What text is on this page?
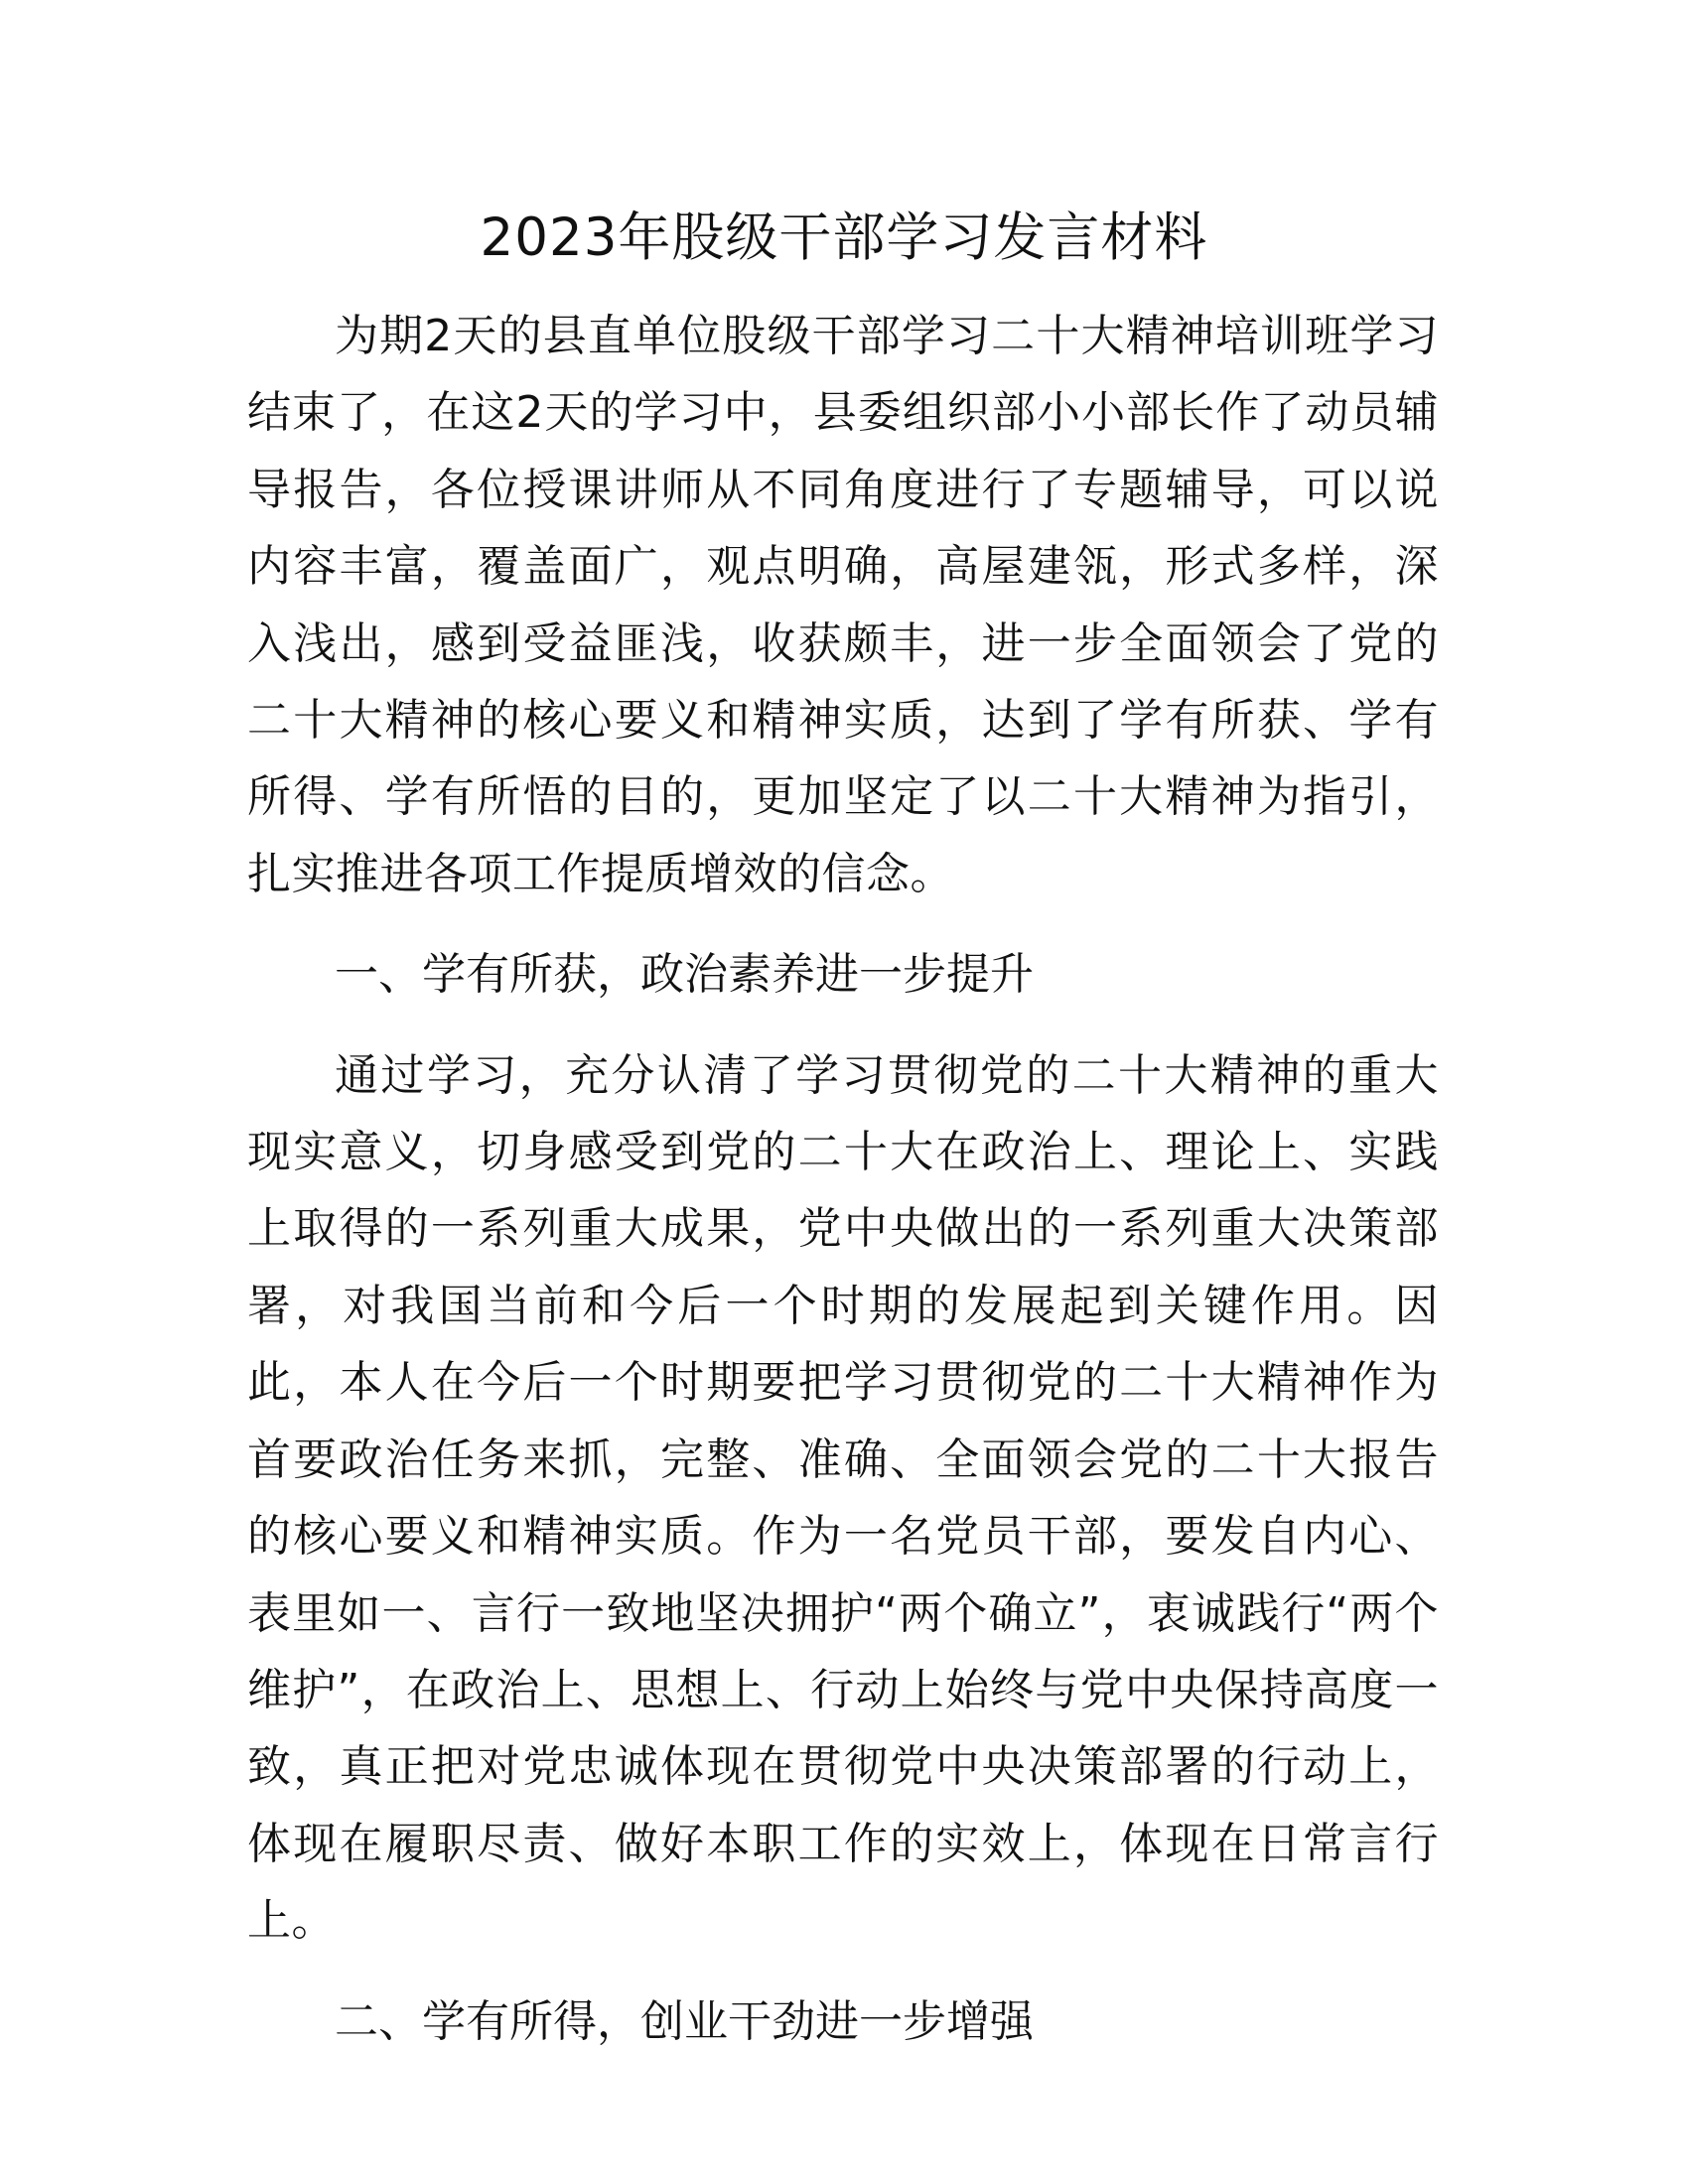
2023年股级干部学习发言材料

为期2天的县直单位股级干部学习二十大精神培训班学习结束了，在这2天的学习中，县委组织部小小部长作了动员辅导报告，各位授课讲师从不同角度进行了专题辅导，可以说内容丰富，覆盖面广，观点明确，高屋建瓴，形式多样，深入浅出，感到受益匪浅，收获颇丰，进一步全面领会了党的二十大精神的核心要义和精神实质，达到了学有所获、学有所得、学有所悟的目的，更加坚定了以二十大精神为指引，扎实推进各项工作提质增效的信念。

一、学有所获，政治素养进一步提升

通过学习，充分认清了学习贯彻党的二十大精神的重大现实意义，切身感受到党的二十大在政治上、理论上、实践上取得的一系列重大成果，党中央做出的一系列重大决策部署，对我国当前和今后一个时期的发展起到关键作用。因此，本人在今后一个时期要把学习贯彻党的二十大精神作为首要政治任务来抓，完整、准确、全面领会党的二十大报告的核心要义和精神实质。作为一名党员干部，要发自内心、表里如一、言行一致地坚决拥护“两个确立”，衷诚践行“两个维护”，在政治上、思想上、行动上始终与党中央保持高度一致，真正把对党忠诚体现在贯彻党中央决策部署的行动上，体现在履职尽责、做好本职工作的实效上，体现在日常言行上。

二、学有所得，创业干劲进一步增强
